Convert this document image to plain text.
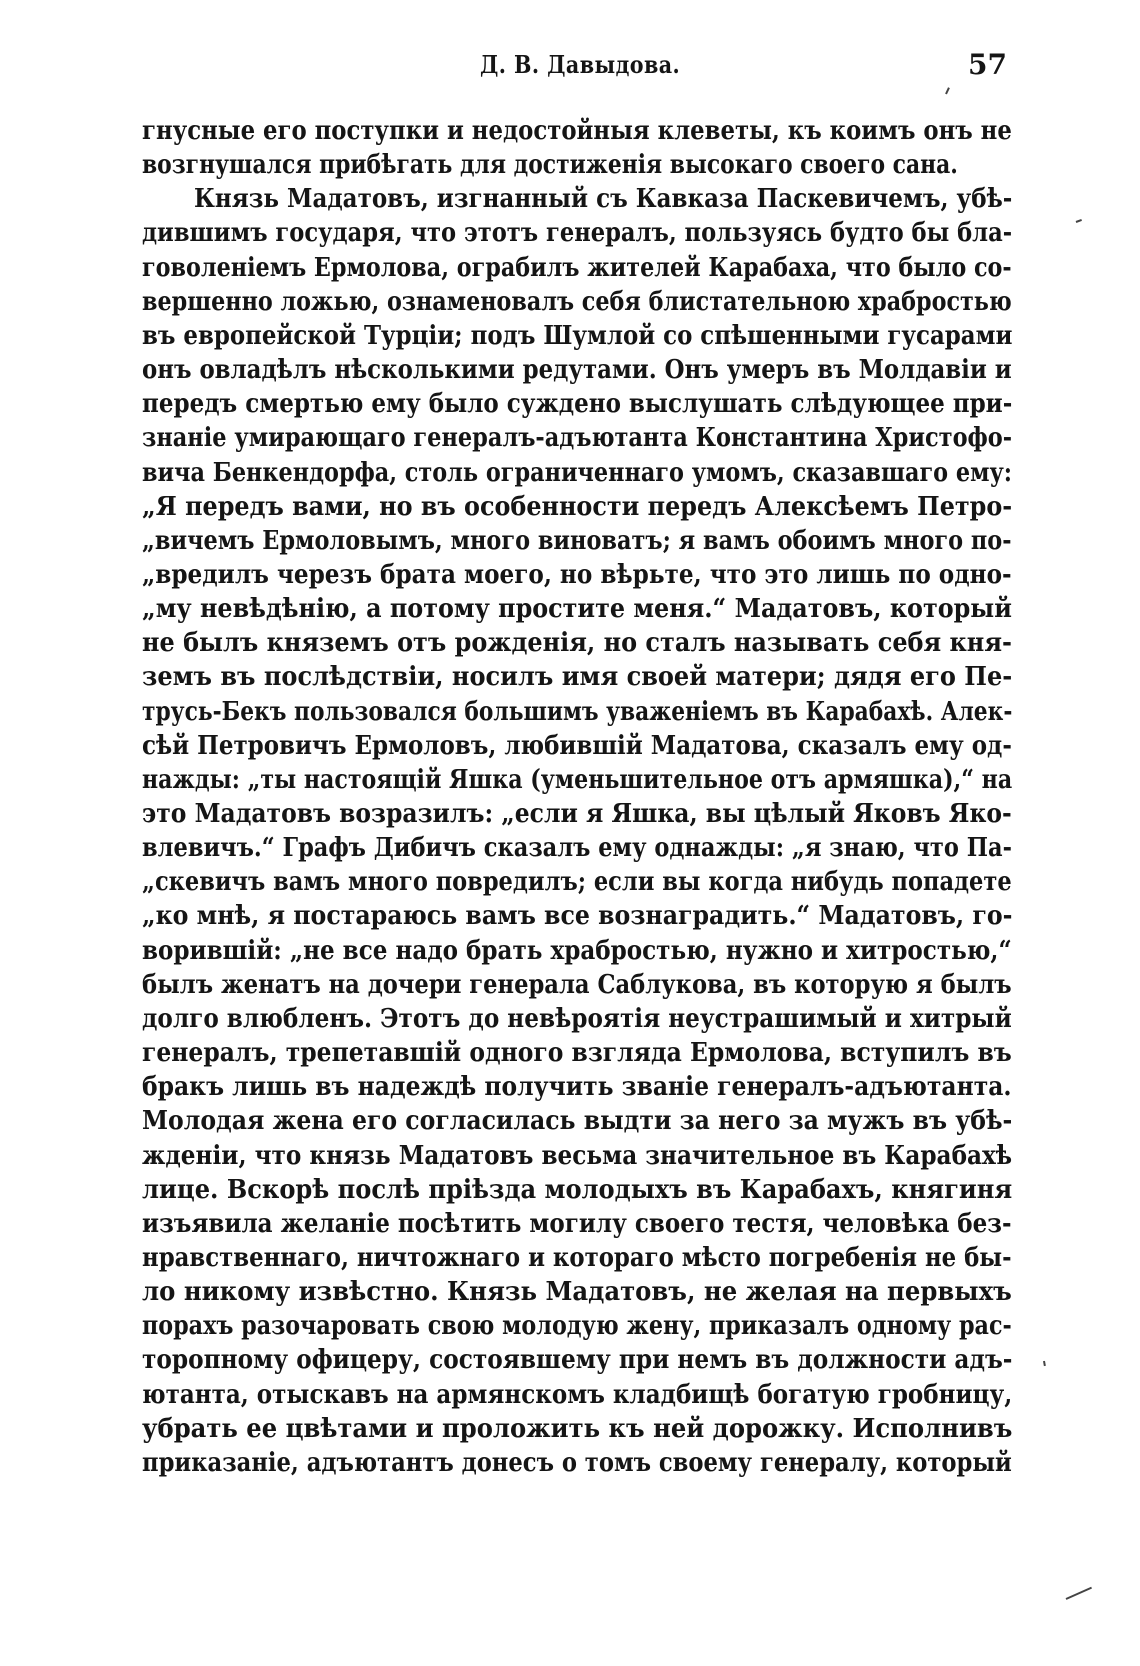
Д. В. Давыдова.	57
гнусные его поступки и недостойныя клеветы, къ коимъ онъ не
возгнушался прибѣгать для достиженія высокаго своего сана.
Князь Мадатовъ, изгнанный съ Кавказа Паскевичемъ, убѣ-
дившимъ государя, что этотъ генералъ, пользуясь будто бы бла-
говоленіемъ Ермолова, ограбилъ жителей Карабаха, что было со-
вершенно ложью, ознаменовалъ себя блистательною храбростью
въ европейской Турціи; подъ Шумлой со спѣшенными гусарами
онъ овладѣлъ нѣсколькими редутами. Онъ умеръ въ Молдавіи и
передъ смертью ему было суждено выслушать слѣдующее при-
знаніе умирающаго генералъ-адъютанта Константина Христофо-
вича Бенкендорфа, столь ограниченнаго умомъ, сказавшаго ему:
„Я передъ вами, но въ особенности передъ Алексѣемъ Петро-
„вичемъ Ермоловымъ, много виноватъ; я вамъ обоимъ много по-
„вредилъ черезъ брата моего, но вѣрьте, что это лишь по одно-
„му невѣдѣнію, а потому простите меня.“ Мадатовъ, который
не былъ княземъ отъ рожденія, но сталъ называть себя кня-
земъ въ послѣдствіи, носилъ имя своей матери; дядя его Пе-
трусь-Бекъ пользовался большимъ уваженіемъ въ Карабахѣ. Алек-
сѣй Петровичъ Ермоловъ, любившій Мадатова, сказалъ ему од-
нажды: „ты настоящій Яшка (уменьшительное отъ армяшка),“ на
это Мадатовъ возразилъ: „если я Яшка, вы цѣлый Яковъ Яко-
влевичъ.“ Графъ Дибичъ сказалъ ему однажды: „я знаю, что Па-
„скевичъ вамъ много повредилъ; если вы когда нибудь попадете
„ко мнѣ, я постараюсь вамъ все вознаградить.“ Мадатовъ, го-
ворившій: „не все надо брать храбростью, нужно и хитростью,“
былъ женатъ на дочери генерала Саблукова, въ которую я былъ
долго влюбленъ. Этотъ до невѣроятія неустрашимый и хитрый
генералъ, трепетавшій одного взгляда Ермолова, вступилъ въ
бракъ лишь въ надеждѣ получить званіе генералъ-адъютанта.
Молодая жена его согласилась выдти за него за мужъ въ убѣ-
жденіи, что князь Мадатовъ весьма значительное въ Карабахѣ
лице. Вскорѣ послѣ пріѣзда молодыхъ въ Карабахъ, княгиня
изъявила желаніе посѣтить могилу своего тестя, человѣка без-
нравственнаго, ничтожнаго и котораго мѣсто погребенія не бы-
ло никому извѣстно. Князь Мадатовъ, не желая на первыхъ
порахъ разочаровать свою молодую жену, приказалъ одному рас-
торопному офицеру, состоявшему при немъ въ должности адъ-
ютанта, отыскавъ на армянскомъ кладбищѣ богатую гробницу,
убрать ее цвѣтами и проложить къ ней дорожку. Исполнивъ
приказаніе, адъютантъ донесъ о томъ своему генералу, который
